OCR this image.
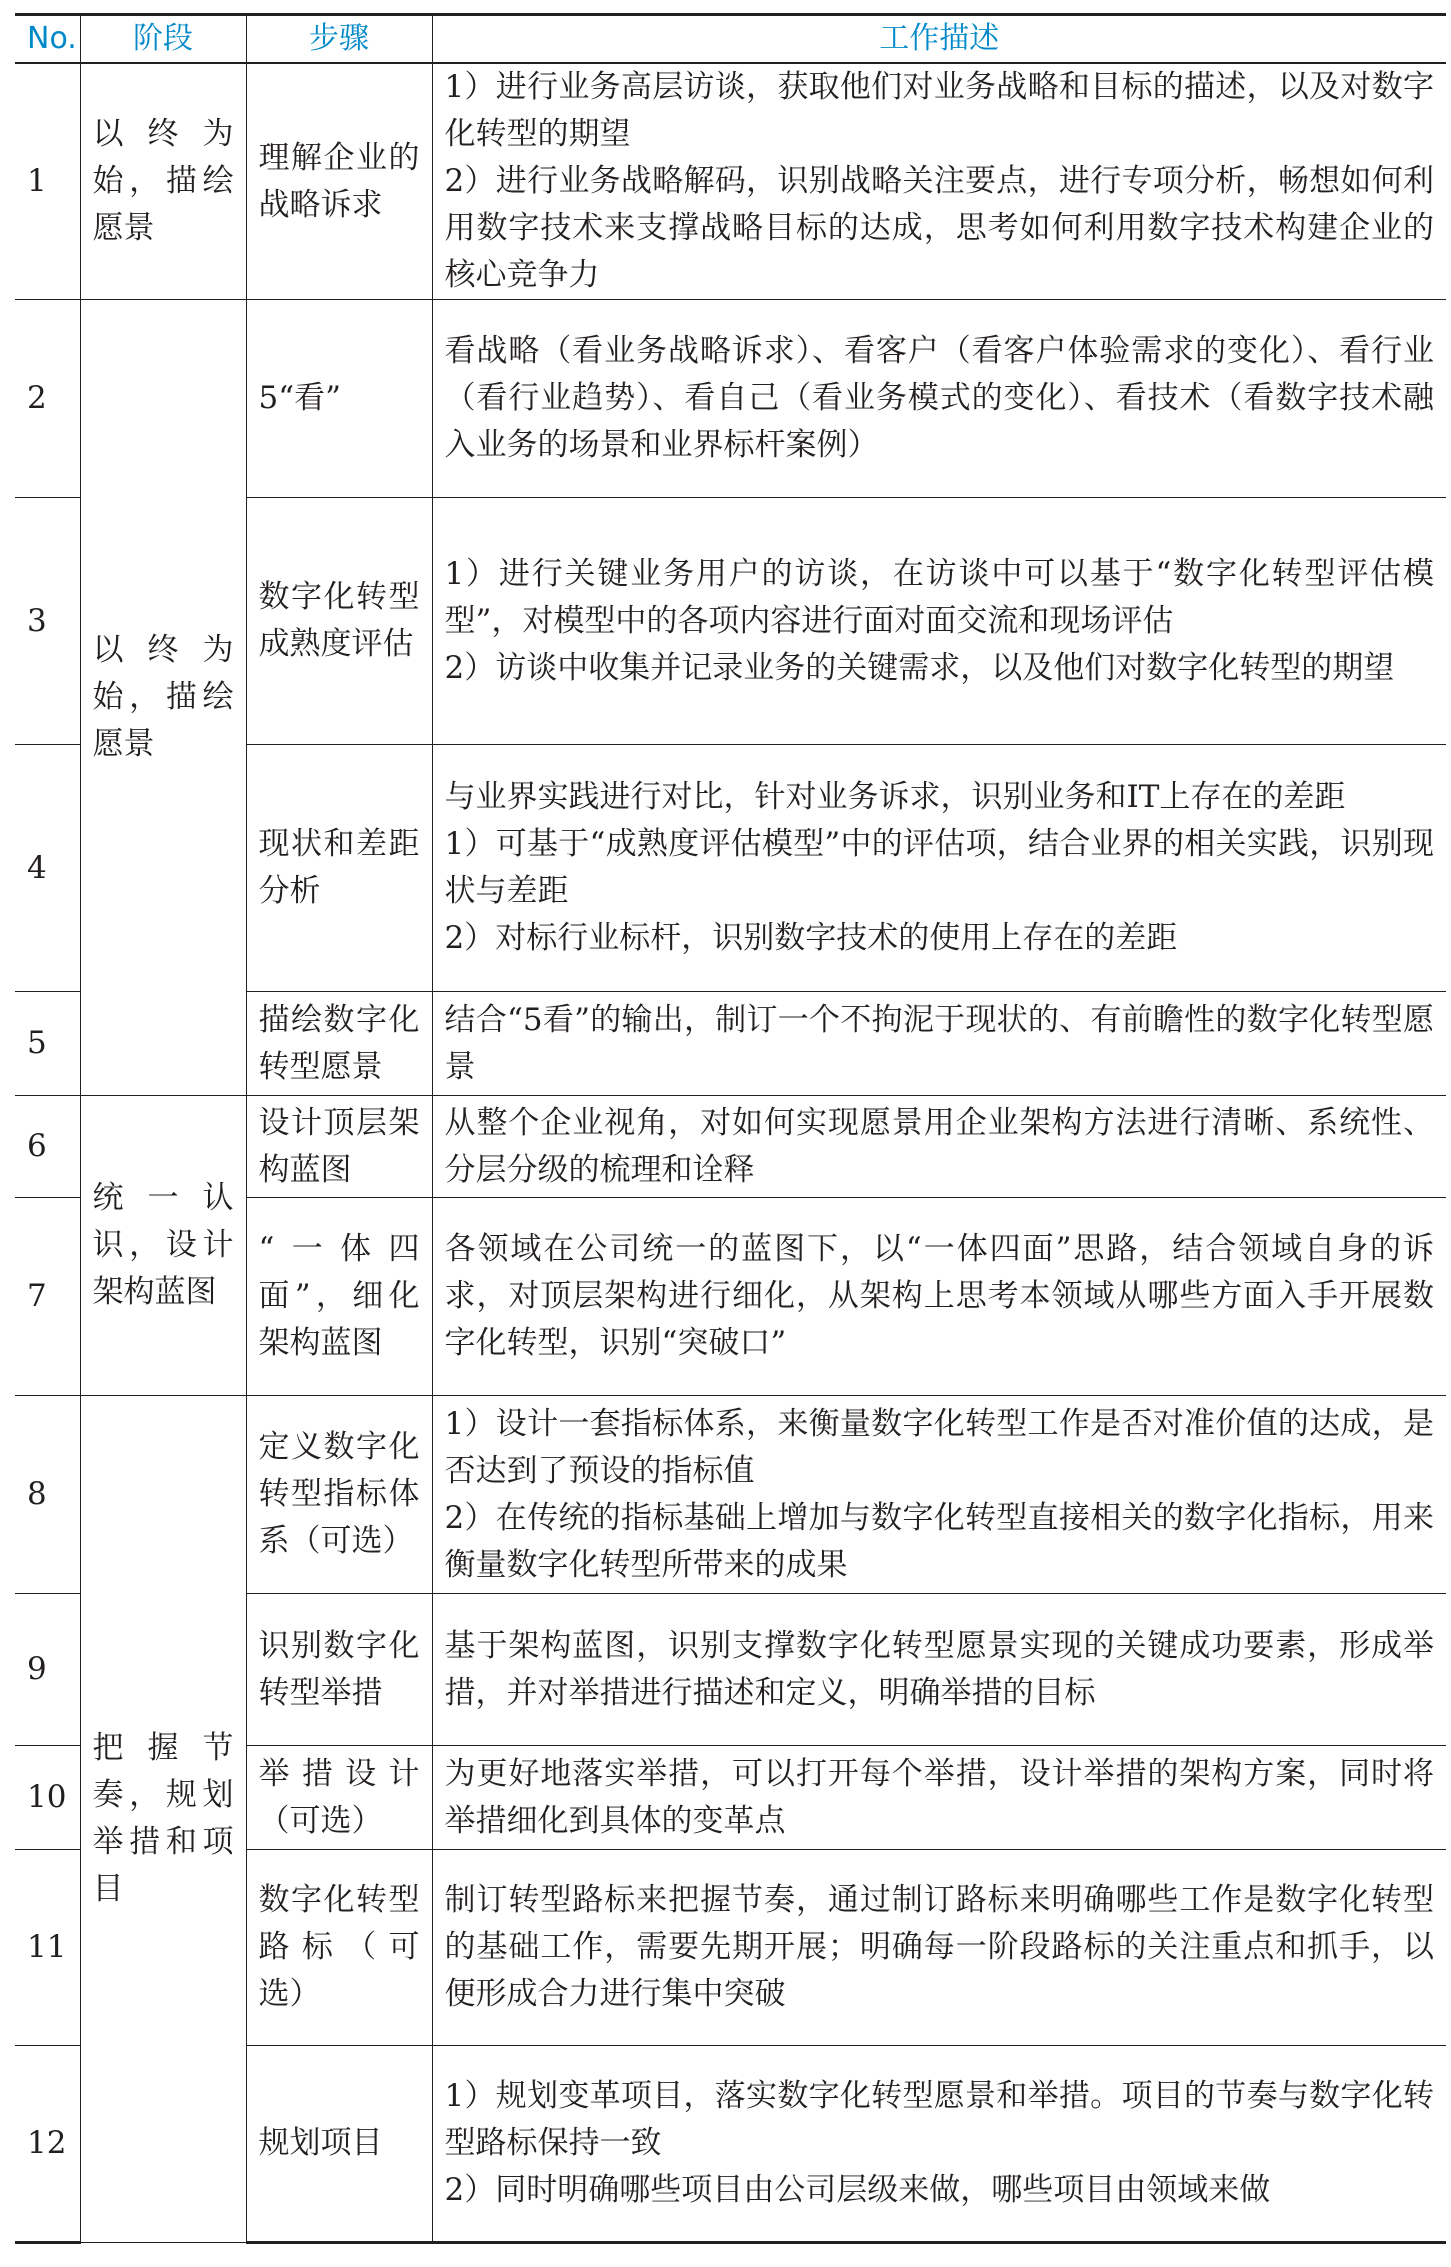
No.	阶段	步骤	工作描述
1	以终为始，描绘愿景	理解企业的战略诉求	1）进行业务高层访谈，获取他们对业务战略和目标的描述，以及对数字化转型的期望
2）进行业务战略解码，识别战略关注要点，进行专项分析，畅想如何利用数字技术来支撑战略目标的达成，思考如何利用数字技术构建企业的核心竞争力

2	以终为始，描绘愿景	5“看”	看战略（看业务战略诉求）、看客户（看客户体验需求的变化）、看行业（看行业趋势）、看自己（看业务模式的变化）、看技术（看数字技术融入业务的场景和业界标杆案例）

3		数字化转型成熟度评估	1）进行关键业务用户的访谈，在访谈中可以基于“数字化转型评估模型”，对模型中的各项内容进行面对面交流和现场评估
2）访谈中收集并记录业务的关键需求，以及他们对数字化转型的期望

4		现状和差距分析	与业界实践进行对比，针对业务诉求，识别业务和IT上存在的差距
1）可基于“成熟度评估模型”中的评估项，结合业界的相关实践，识别现状与差距
2）对标行业标杆，识别数字技术的使用上存在的差距

5		描绘数字化转型愿景	结合“5看”的输出，制订一个不拘泥于现状的、有前瞻性的数字化转型愿景

6	统一认识，设计架构蓝图	设计顶层架构蓝图	从整个企业视角，对如何实现愿景用企业架构方法进行清晰、系统性、分层分级的梳理和诠释

7		“一体四面”，细化架构蓝图	各领域在公司统一的蓝图下，以“一体四面”思路，结合领域自身的诉求，对顶层架构进行细化，从架构上思考本领域从哪些方面入手开展数字化转型，识别“突破口”

8	把握节奏，规划举措和项目	定义数字化转型指标体系（可选）	1）设计一套指标体系，来衡量数字化转型工作是否对准价值的达成，是否达到了预设的指标值
2）在传统的指标基础上增加与数字化转型直接相关的数字化指标，用来衡量数字化转型所带来的成果

9		识别数字化转型举措	基于架构蓝图，识别支撑数字化转型愿景实现的关键成功要素，形成举措，并对举措进行描述和定义，明确举措的目标

10		举措设计（可选）	为更好地落实举措，可以打开每个举措，设计举措的架构方案，同时将举措细化到具体的变革点

11		数字化转型路标（可选）	制订转型路标来把握节奏，通过制订路标来明确哪些工作是数字化转型的基础工作，需要先期开展；明确每一阶段路标的关注重点和抓手，以便形成合力进行集中突破

12		规划项目	1）规划变革项目，落实数字化转型愿景和举措。项目的节奏与数字化转型路标保持一致
2）同时明确哪些项目由公司层级来做，哪些项目由领域来做
